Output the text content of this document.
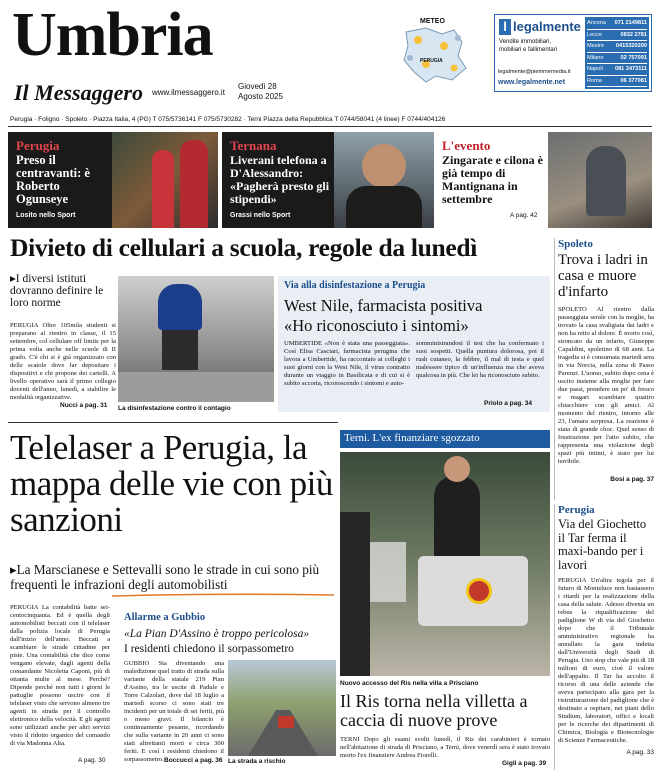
Umbria
Il Messaggero www.ilmessaggero.it
Giovedì 28
Agosto 2025
METEO
PERUGIA
l legalmente
Vendite immobiliari,
mobiliari e fallimentari
legalmente@piemmemedia.it
www.legalmente.net
Ancona 071 2149811
Lecce	0832 2781
Mestre 0415320200
Milano	02 757091
Napoli 081 2473111
Roma	06 377081
Perugia · Foligno · Spoleto · Piazza Italia, 4 (PG) T 075/5736141 F 075/5730282 · Terni Piazza della Repubblica T 0744/58041 (4 linee) F 0744/404126
Perugia
Preso il centravanti: è Roberto Ogunseye
Losito nello Sport
Ternana
Liverani telefona a D'Alessandro: «Pagherà presto gli stipendi»
Grassi nello Sport
L'evento
Zingarate e cilona è già tempo di Mantignana in settembre
A pag. 42
Divieto di cellulari a scuola, regole da lunedì
▸I diversi istituti dovranno definire le loro norme
PERUGIA Oltre 105mila studenti si preparano al rientro in classe, il 15 settembre, col cellulare off limits per la prima volta anche nelle scuole di II grado. C'è chi si è già organizzato con delle scatole dove far depositare i dispositivi e chi propone dei cartelli. A livello operativo sarà il primo collegio docenti dell'anno, lunedì, a stabilire le modalità organizzative.
Nucci a pag. 31 La disinfestazione contro il contagio
Via alla disinfestazione a Perugia
West Nile, farmacista positiva
«Ho riconosciuto i sintomi»
UMBERTIDE «Non è stata una passeggiata». Così Elisa Casciari, farmacista perugina che lavora a Umbertide, ha raccontato ai colleghi i suoi giorni con la West Nile, il virus contratto durante un viaggio in Basilicata e di cui si è subito accorta, riconoscendo i sintomi e auto-
somministrandosi il test che ha confermato i suoi sospetti. Quella puntura dolorosa, poi il rush cutaneo, la febbre, il mal di testa e quel malessere tipico di un'influenza ma che aveva qualcosa in più. Che lei ha riconosciuto subito.
Priolo a pag. 34
Spoleto
Trova i ladri in casa e muore d'infarto
SPOLETO Al rientro dalla passeggiata serale con la moglie, ha trovato la casa svaligiata dai ladri e non ha retto al dolore. È morto così, stroncato da un infarto, Giuseppe Capaldini, spoletino di 68 anni. La tragedia si è consumata martedì sera in via Norcia, nella zona di Passo Parenzi. L'uomo, subito dopo cena è uscito insieme alla moglie per fare due passi, prendere un po' di fresco e magari scambiare quattro chiacchiere con gli amici. Al momento del rientro, intorno alle 23, l'amara sorpresa. La reazione è stata di grande choc. Quel senso di frustrazione per l'atto subito, che rappresenta una violazione degli spazi più intimi, è stato per lui terribile.
Bosi a pag. 37
Telelaser a Perugia, la mappa delle vie con più sanzioni
▸La Marscianese e Settevalli sono le strade in cui sono più frequenti le infrazioni degli automobilisti
PERUGIA La contabilità batte sei-centocinquanta. Ed è quella degli automobilisti beccati con il telelaser dalla polizia locale di Perugia dall'inizio dell'anno. Beccati a scambiare le strade cittadine per piste. Una contabilità che dice come vengano elevate, dagli agenti della comandante Nicoletta Caponi, più di ottanta multe al mese. Perché? Dipende perché non tutti i giorni le pattuglie possono uscire con il telelaser visto che servono almeno tre agenti in strada per il controllo elettronico della velocità. E gli agenti sono utilizzati anche per altri servizi visto il ridotto organico del comando di via Madonna Alta.
A pag. 30
Allarme a Gubbio
«La Pian D'Assino è troppo pericolosa»
I residenti chiedono il sorpassometro
GUBBIO Sta diventando una maledizione quel tratto di strada sulla variante della statale 219 Pian d'Assino, tra le uscite di Padule e Torre Calzolari, dove dal 18 luglio a martedì scorso ci sono stati tre incidenti per un totale di sei feriti, più o meno gravi. Il bilancio è continuamente pesante, ricordando che sulla variante in 20 anni ci sono stati altrettanti morti e circa 300 feriti. E così i residenti chiedono il sorpassometro. Boccucci a pag. 36 La strada a rischio
Terni. L'ex finanziare sgozzato
Nuovo accesso del Ris nella villa a Prisciano
Il Ris torna nella villetta a caccia di nuove prove
TERNI Dopo gli esami svolti lunedì, il Ris dei carabinieri è tornato nell'abitazione di strada di Prisciano, a Terni, dove venerdì sera è stato trovato morto l'ex finanziere Andrea Fiorelli.
Gigli a pag. 39
Perugia
Via del Giochetto il Tar ferma il maxi-bando per i lavori
PERUGIA Un'altra tegola per il futuro di Monteluce non bastassero i ritardi per la realizzazione della casa della salute. Adesso diventa un rebus la riqualificazione del padiglione W di via del Giochetto dopo che il Tribunale amministrativo regionale ha annullato la gara indetta dall'Università degli Studi di Perugia. Uno stop che vale più di 18 milioni di euro, cioè il valore dell'appalto. Il Tar ha accolto il ricorso di una delle aziende che aveva partecipato alla gara per la ristrutturazione del padiglione che è destinato a ospitare, nei piani dello Studium, laboratori, uffici e locali per le ricerche dei dipartimenti di Chimica, Biologia e Biotecnologie di Scienze Farmaceutiche.
A pag. 33
